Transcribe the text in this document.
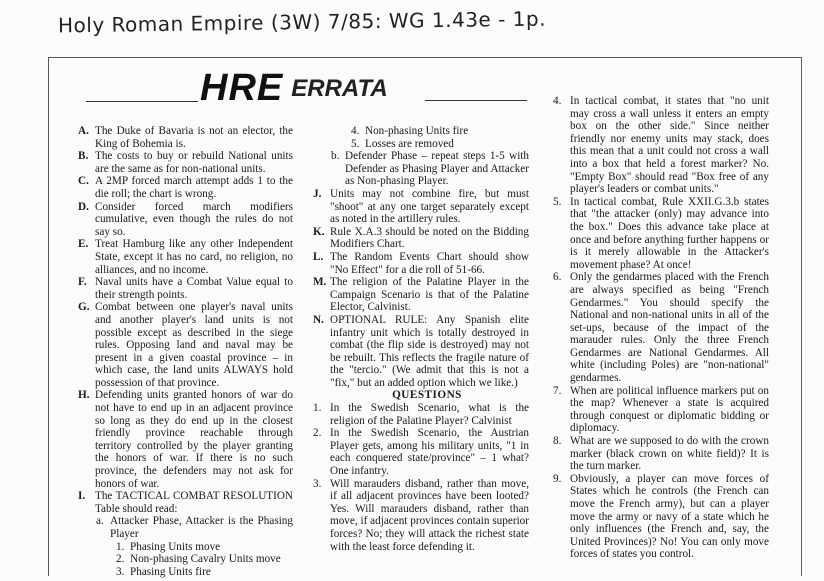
Holy Roman Empire (3W) 7/85: WG 1.43e - 1p.
HRE ERRATA
A. The Duke of Bavaria is not an elector, the King of Bohemia is.
B. The costs to buy or rebuild National units are the same as for non-national units.
C. A 2MP forced march attempt adds 1 to the die roll; the chart is wrong.
D. Consider forced march modifiers cumulative, even though the rules do not say so.
E. Treat Hamburg like any other Independent State, except it has no card, no religion, no alliances, and no income.
F. Naval units have a Combat Value equal to their strength points.
G. Combat between one player's naval units and another player's land units is not possible except as described in the siege rules. Opposing land and naval may be present in a given coastal province – in which case, the land units ALWAYS hold possession of that province.
H. Defending units granted honors of war do not have to end up in an adjacent province so long as they do end up in the closest friendly province reachable through territory controlled by the player granting the honors of war. If there is no such province, the defenders may not ask for honors of war.
I. The TACTICAL COMBAT RESOLUTION Table should read:
a. Attacker Phase, Attacker is the Phasing Player
1. Phasing Units move
2. Non-phasing Cavalry Units move
3. Phasing Units fire
4. Non-phasing Units fire
5. Losses are removed
b. Defender Phase – repeat steps 1-5 with Defender as Phasing Player and Attacker as Non-phasing Player.
J. Units may not combine fire, but must "shoot" at any one target separately except as noted in the artillery rules.
K. Rule X.A.3 should be noted on the Bidding Modifiers Chart.
L. The Random Events Chart should show "No Effect" for a die roll of 51-66.
M. The religion of the Palatine Player in the Campaign Scenario is that of the Palatine Elector, Calvinist.
N. OPTIONAL RULE: Any Spanish elite infantry unit which is totally destroyed in combat (the flip side is destroyed) may not be rebuilt. This reflects the fragile nature of the "tercio." (We admit that this is not a "fix," but an added option which we like.)
QUESTIONS
1. In the Swedish Scenario, what is the religion of the Palatine Player? Calvinist
2. In the Swedish Scenario, the Austrian Player gets, among his military units, "1 in each conquered state/province" – 1 what? One infantry.
3. Will marauders disband, rather than move, if all adjacent provinces have been looted? Yes. Will marauders disband, rather than move, if adjacent provinces contain superior forces? No; they will attack the richest state with the least force defending it.
4. In tactical combat, it states that "no unit may cross a wall unless it enters an empty box on the other side." Since neither friendly nor enemy units may stack, does this mean that a unit could not cross a wall into a box that held a forest marker? No. "Empty Box" should read "Box free of any player's leaders or combat units."
5. In tactical combat, Rule XXII.G.3.b states that "the attacker (only) may advance into the box." Does this advance take place at once and before anything further happens or is it merely allowable in the Attacker's movement phase? At once!
6. Only the gendarmes placed with the French are always specified as being "French Gendarmes." You should specify the National and non-national units in all of the set-ups, because of the impact of the marauder rules. Only the three French Gendarmes are National Gendarmes. All white (including Poles) are "non-national" gendarmes.
7. When are political influence markers put on the map? Whenever a state is acquired through conquest or diplomatic bidding or diplomacy.
8. What are we supposed to do with the crown marker (black crown on white field)? It is the turn marker.
9. Obviously, a player can move forces of States which he controls (the French can move the French army), but can a player move the army or navy of a state which he only influences (the French and, say, the United Provinces)? No! You can only move forces of states you control.
